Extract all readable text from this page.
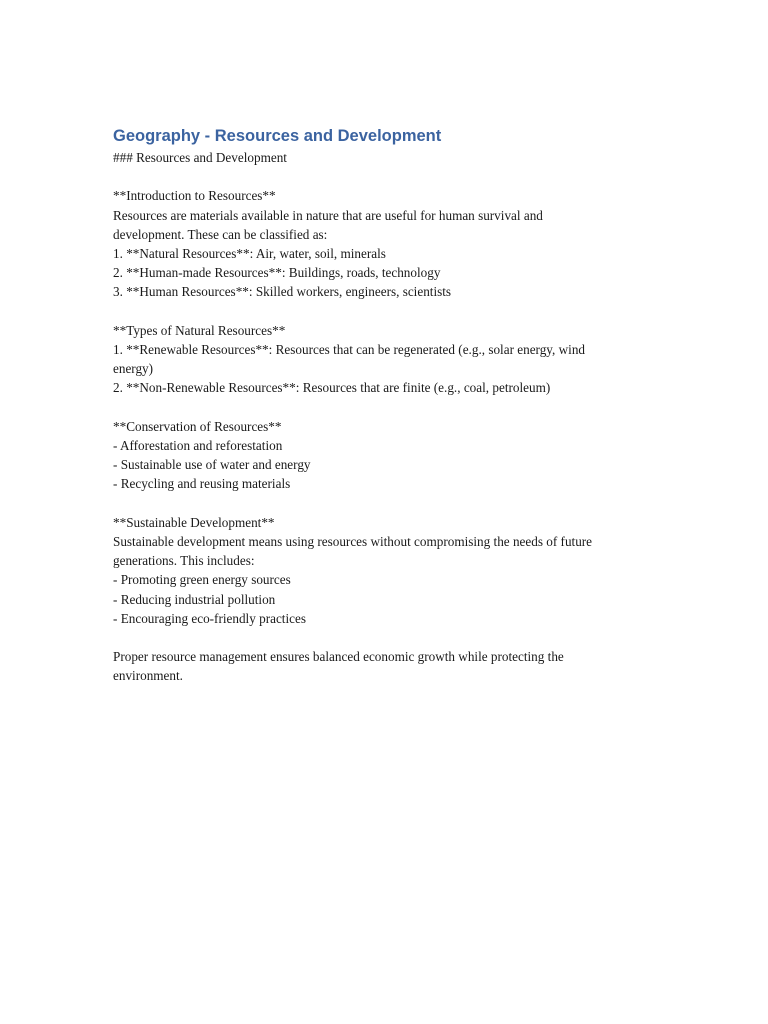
Geography - Resources and Development

### Resources and Development

**Introduction to Resources**

Resources are materials available in nature that are useful for human survival and

development. These can be classified as:

1. **Natural Resources**: Air, water, soil, minerals

2. **Human-made Resources**: Buildings, roads, technology

3. **Human Resources**: Skilled workers, engineers, scientists

**Types of Natural Resources**

1. **Renewable Resources**: Resources that can be regenerated (e.g., solar energy, wind

energy)

2. **Non-Renewable Resources**: Resources that are finite (e.g., coal, petroleum)

**Conservation of Resources**

- Afforestation and reforestation

- Sustainable use of water and energy

- Recycling and reusing materials

**Sustainable Development**

Sustainable development means using resources without compromising the needs of future

generations. This includes:

- Promoting green energy sources

- Reducing industrial pollution

- Encouraging eco-friendly practices

Proper resource management ensures balanced economic growth while protecting the

environment.
